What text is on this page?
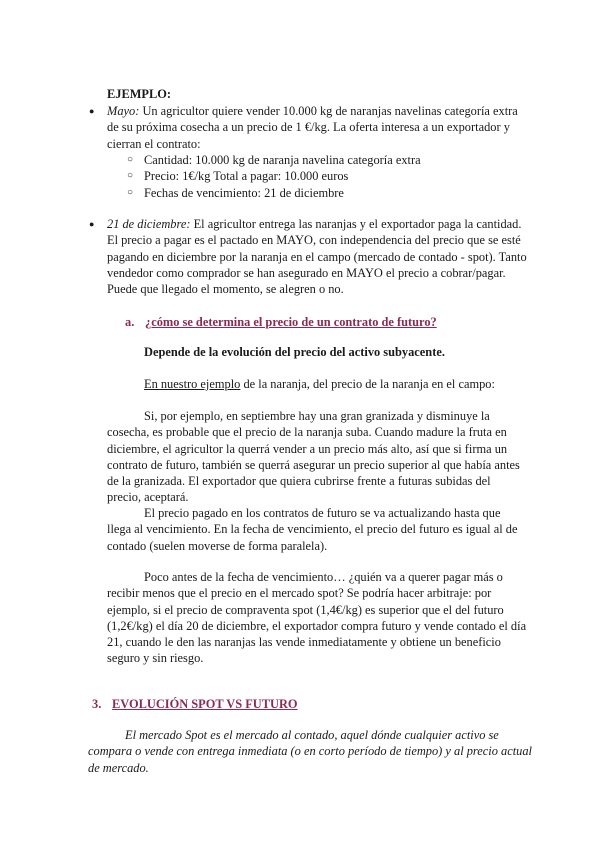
EJEMPLO:
● Mayo: Un agricultor quiere vender 10.000 kg de naranjas navelinas categoría extra de su próxima cosecha a un precio de 1 €/kg. La oferta interesa a un exportador y cierran el contrato:
○ Cantidad: 10.000 kg de naranja navelina categoría extra
○ Precio: 1€/kg Total a pagar: 10.000 euros
○ Fechas de vencimiento: 21 de diciembre
● 21 de diciembre: El agricultor entrega las naranjas y el exportador paga la cantidad. El precio a pagar es el pactado en MAYO, con independencia del precio que se esté pagando en diciembre por la naranja en el campo (mercado de contado - spot). Tanto vendedor como comprador se han asegurado en MAYO el precio a cobrar/pagar. Puede que llegado el momento, se alegren o no.
a. ¿cómo se determina el precio de un contrato de futuro?
Depende de la evolución del precio del activo subyacente.
En nuestro ejemplo de la naranja, del precio de la naranja en el campo:
Si, por ejemplo, en septiembre hay una gran granizada y disminuye la cosecha, es probable que el precio de la naranja suba. Cuando madure la fruta en diciembre, el agricultor la querrá vender a un precio más alto, así que si firma un contrato de futuro, también se querrá asegurar un precio superior al que había antes de la granizada. El exportador que quiera cubrirse frente a futuras subidas del precio, aceptará.
El precio pagado en los contratos de futuro se va actualizando hasta que llega al vencimiento. En la fecha de vencimiento, el precio del futuro es igual al de contado (suelen moverse de forma paralela).
Poco antes de la fecha de vencimiento… ¿quién va a querer pagar más o recibir menos que el precio en el mercado spot? Se podría hacer arbitraje: por ejemplo, si el precio de compraventa spot (1,4€/kg) es superior que el del futuro (1,2€/kg) el día 20 de diciembre, el exportador compra futuro y vende contado el día 21, cuando le den las naranjas las vende inmediatamente y obtiene un beneficio seguro y sin riesgo.
3. EVOLUCIÓN SPOT VS FUTURO
El mercado Spot es el mercado al contado, aquel dónde cualquier activo se compara o vende con entrega inmediata (o en corto período de tiempo) y al precio actual de mercado.
